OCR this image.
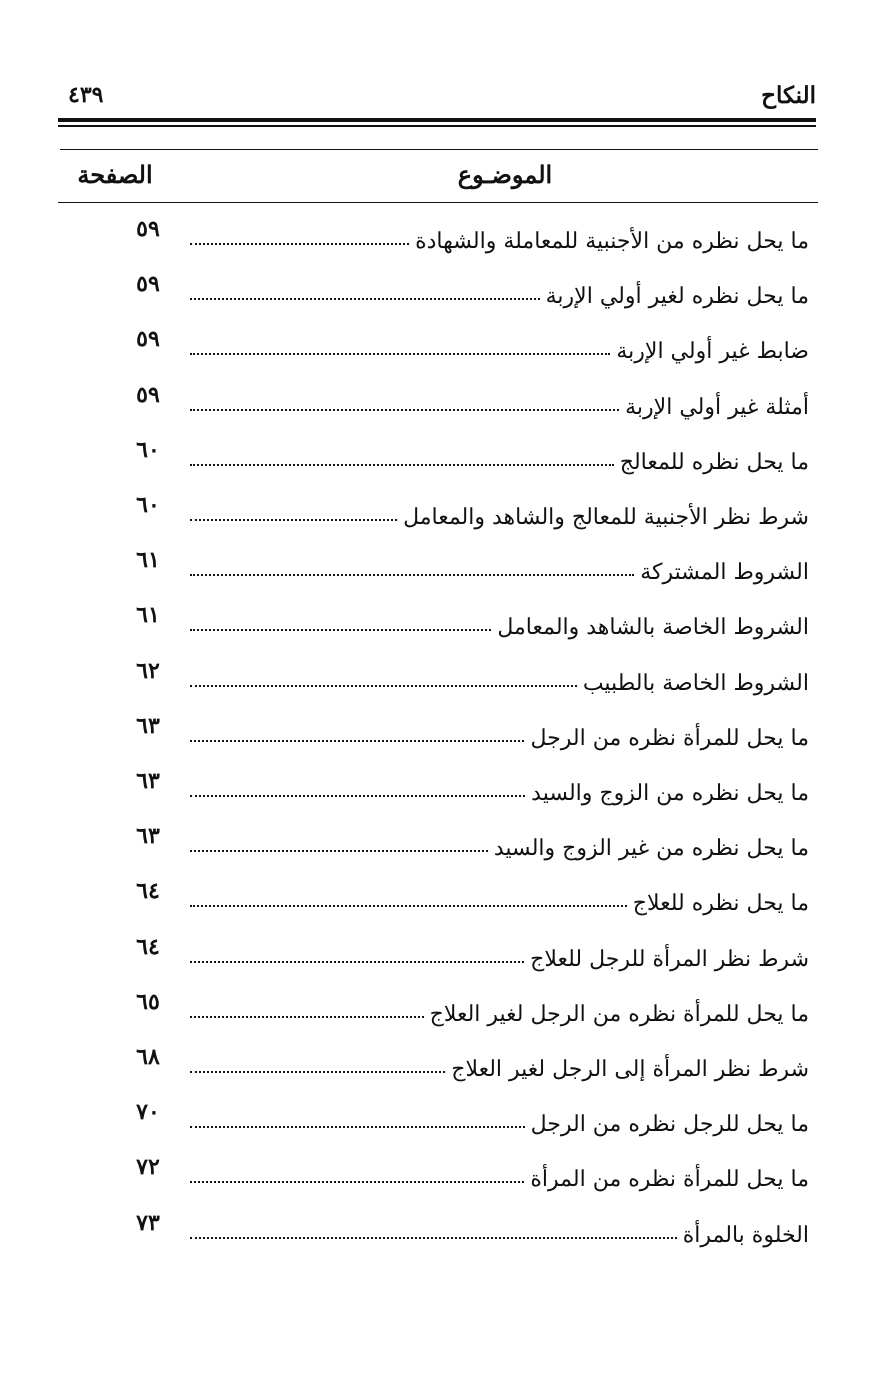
النكاح
٤٣٩
الموضـوع
الصفحة
٥٩	ما يحل نظره من الأجنبية للمعاملة والشهادة
٥٩	ما يحل نظره لغير أولي الإربة
٥٩	ضابط غير أولي الإربة
٥٩	أمثلة غير أولي الإربة
٦٠	ما يحل نظره للمعالج
٦٠	شرط نظر الأجنبية للمعالج والشاهد والمعامل
٦١	الشروط المشتركة
٦١	الشروط الخاصة بالشاهد والمعامل
٦٢	الشروط الخاصة بالطبيب
٦٣	ما يحل للمرأة نظره من الرجل
٦٣	ما يحل نظره من الزوج والسيد
٦٣	ما يحل نظره من غير الزوج والسيد
٦٤	ما يحل نظره للعلاج
٦٤	شرط نظر المرأة للرجل للعلاج
٦٥	ما يحل للمرأة نظره من الرجل لغير العلاج
٦٨	شرط نظر المرأة إلى الرجل لغير العلاج
٧٠	ما يحل للرجل نظره من الرجل
٧٢	ما يحل للمرأة نظره من المرأة
٧٣	الخلوة بالمرأة
